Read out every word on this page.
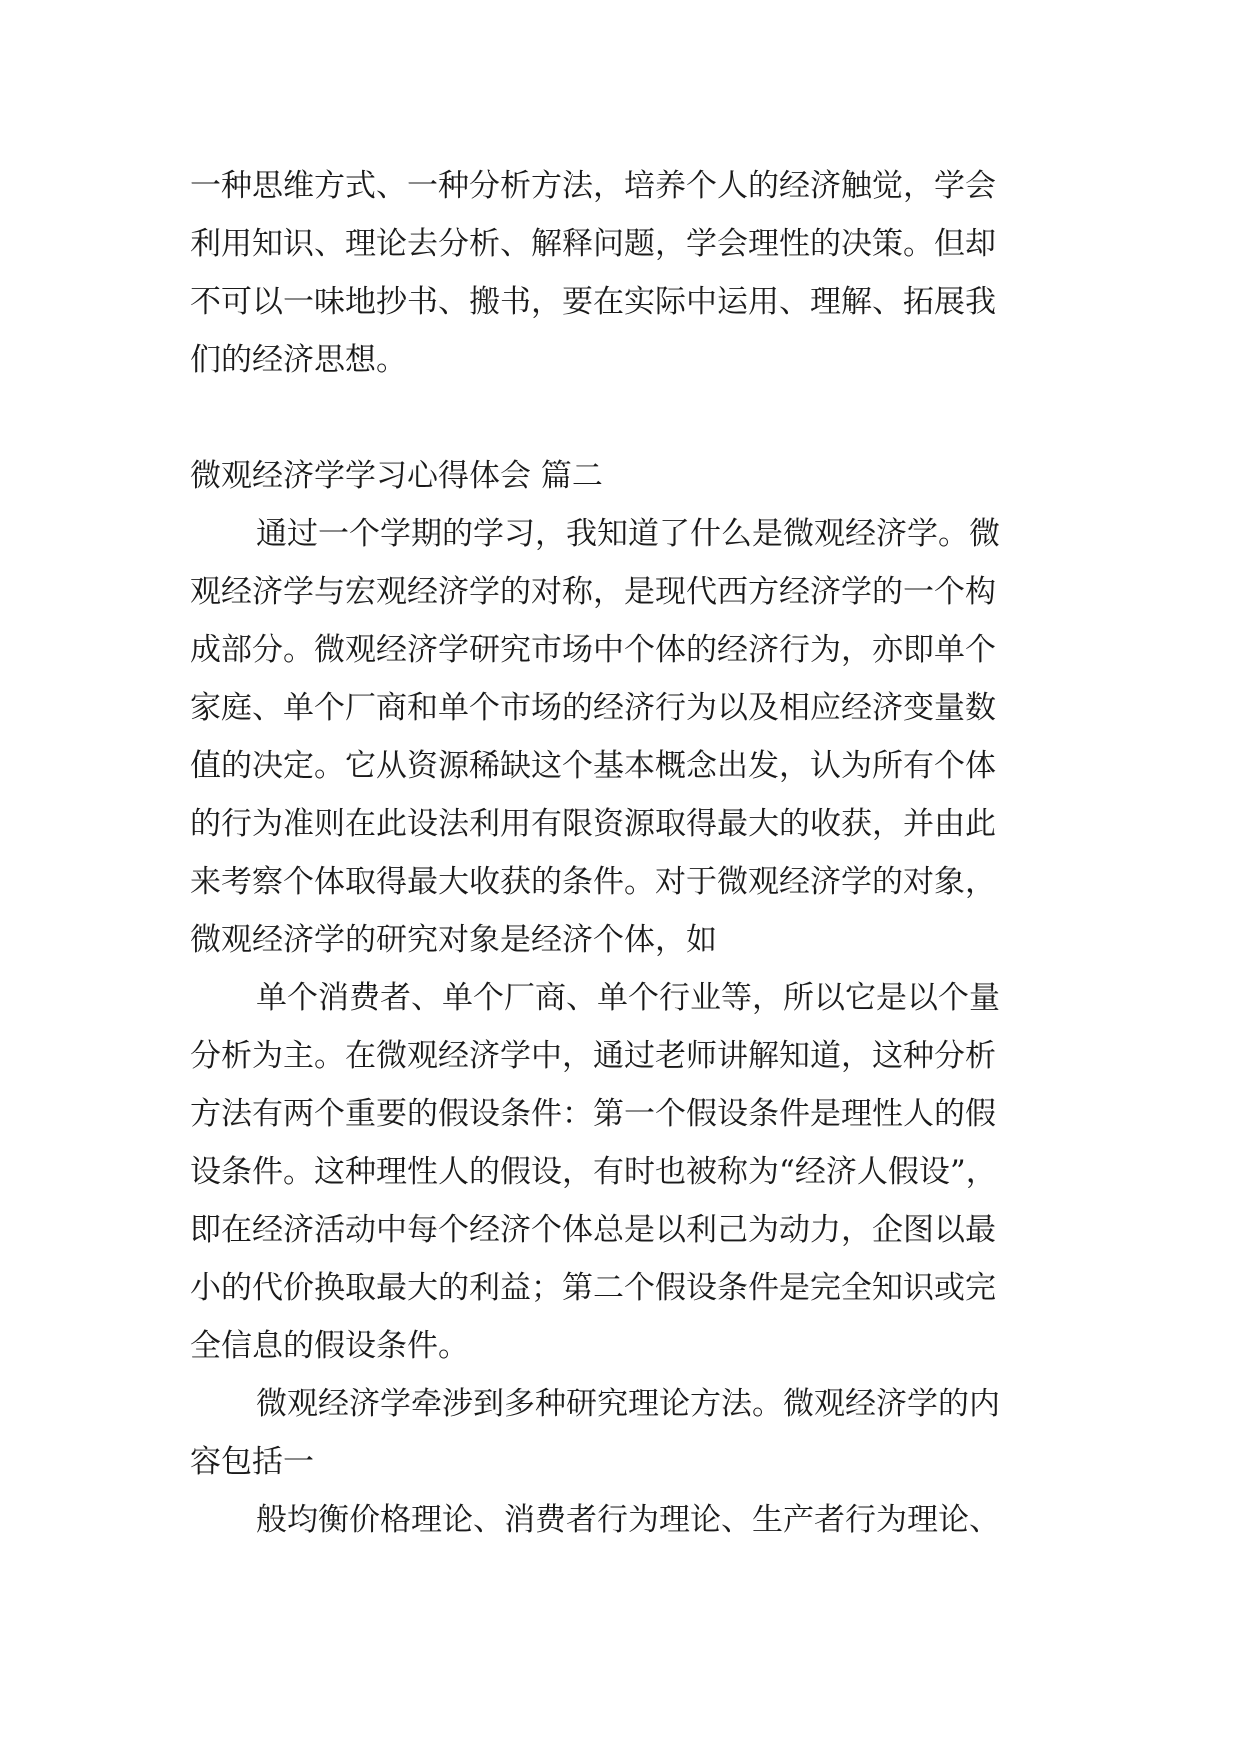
一种思维方式、一种分析方法，培养个人的经济触觉，学会
利用知识、理论去分析、解释问题，学会理性的决策。但却
不可以一味地抄书、搬书，要在实际中运用、理解、拓展我
们的经济思想。
微观经济学学习心得体会 篇二
通过一个学期的学习，我知道了什么是微观经济学。微
观经济学与宏观经济学的对称，是现代西方经济学的一个构
成部分。微观经济学研究市场中个体的经济行为，亦即单个
家庭、单个厂商和单个市场的经济行为以及相应经济变量数
值的决定。它从资源稀缺这个基本概念出发，认为所有个体
的行为准则在此设法利用有限资源取得最大的收获，并由此
来考察个体取得最大收获的条件。对于微观经济学的对象，
微观经济学的研究对象是经济个体，如
单个消费者、单个厂商、单个行业等，所以它是以个量
分析为主。在微观经济学中，通过老师讲解知道，这种分析
方法有两个重要的假设条件：第一个假设条件是理性人的假
设条件。这种理性人的假设，有时也被称为“经济人假设”，
即在经济活动中每个经济个体总是以利己为动力，企图以最
小的代价换取最大的利益；第二个假设条件是完全知识或完
全信息的假设条件。
微观经济学牵涉到多种研究理论方法。微观经济学的内
容包括一
般均衡价格理论、消费者行为理论、生产者行为理论、
